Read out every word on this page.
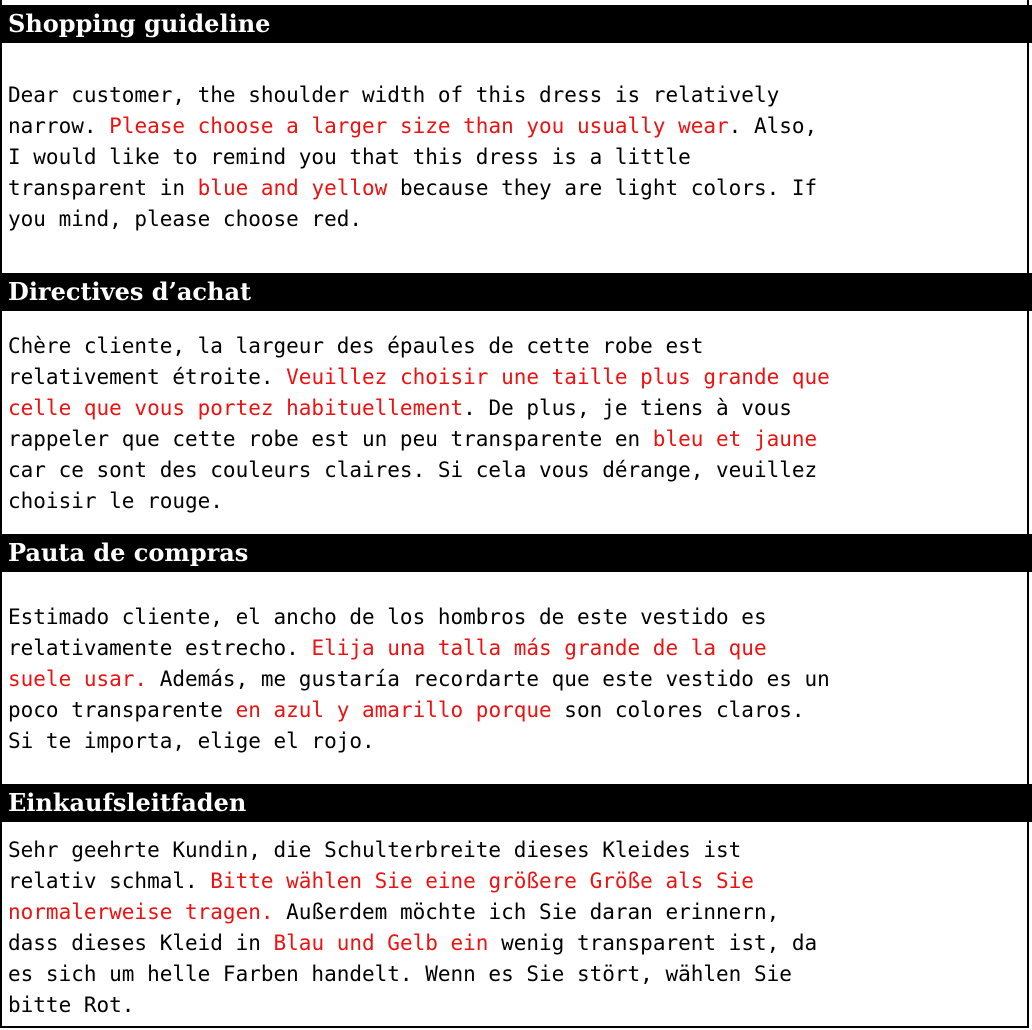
Shopping guideline
Dear customer, the shoulder width of this dress is relatively
narrow. Please choose a larger size than you usually wear. Also,
I would like to remind you that this dress is a little
transparent in blue and yellow because they are light colors. If
you mind, please choose red.
Directives d’achat
Chère cliente, la largeur des épaules de cette robe est
relativement étroite. Veuillez choisir une taille plus grande que
celle que vous portez habituellement. De plus, je tiens à vous
rappeler que cette robe est un peu transparente en bleu et jaune
car ce sont des couleurs claires. Si cela vous dérange, veuillez
choisir le rouge.
Pauta de compras
Estimado cliente, el ancho de los hombros de este vestido es
relativamente estrecho. Elija una talla más grande de la que
suele usar. Además, me gustaría recordarte que este vestido es un
poco transparente en azul y amarillo porque son colores claros.
Si te importa, elige el rojo.
Einkaufsleitfaden
Sehr geehrte Kundin, die Schulterbreite dieses Kleides ist
relativ schmal. Bitte wählen Sie eine größere Größe als Sie
normalerweise tragen. Außerdem möchte ich Sie daran erinnern,
dass dieses Kleid in Blau und Gelb ein wenig transparent ist, da
es sich um helle Farben handelt. Wenn es Sie stört, wählen Sie
bitte Rot.
